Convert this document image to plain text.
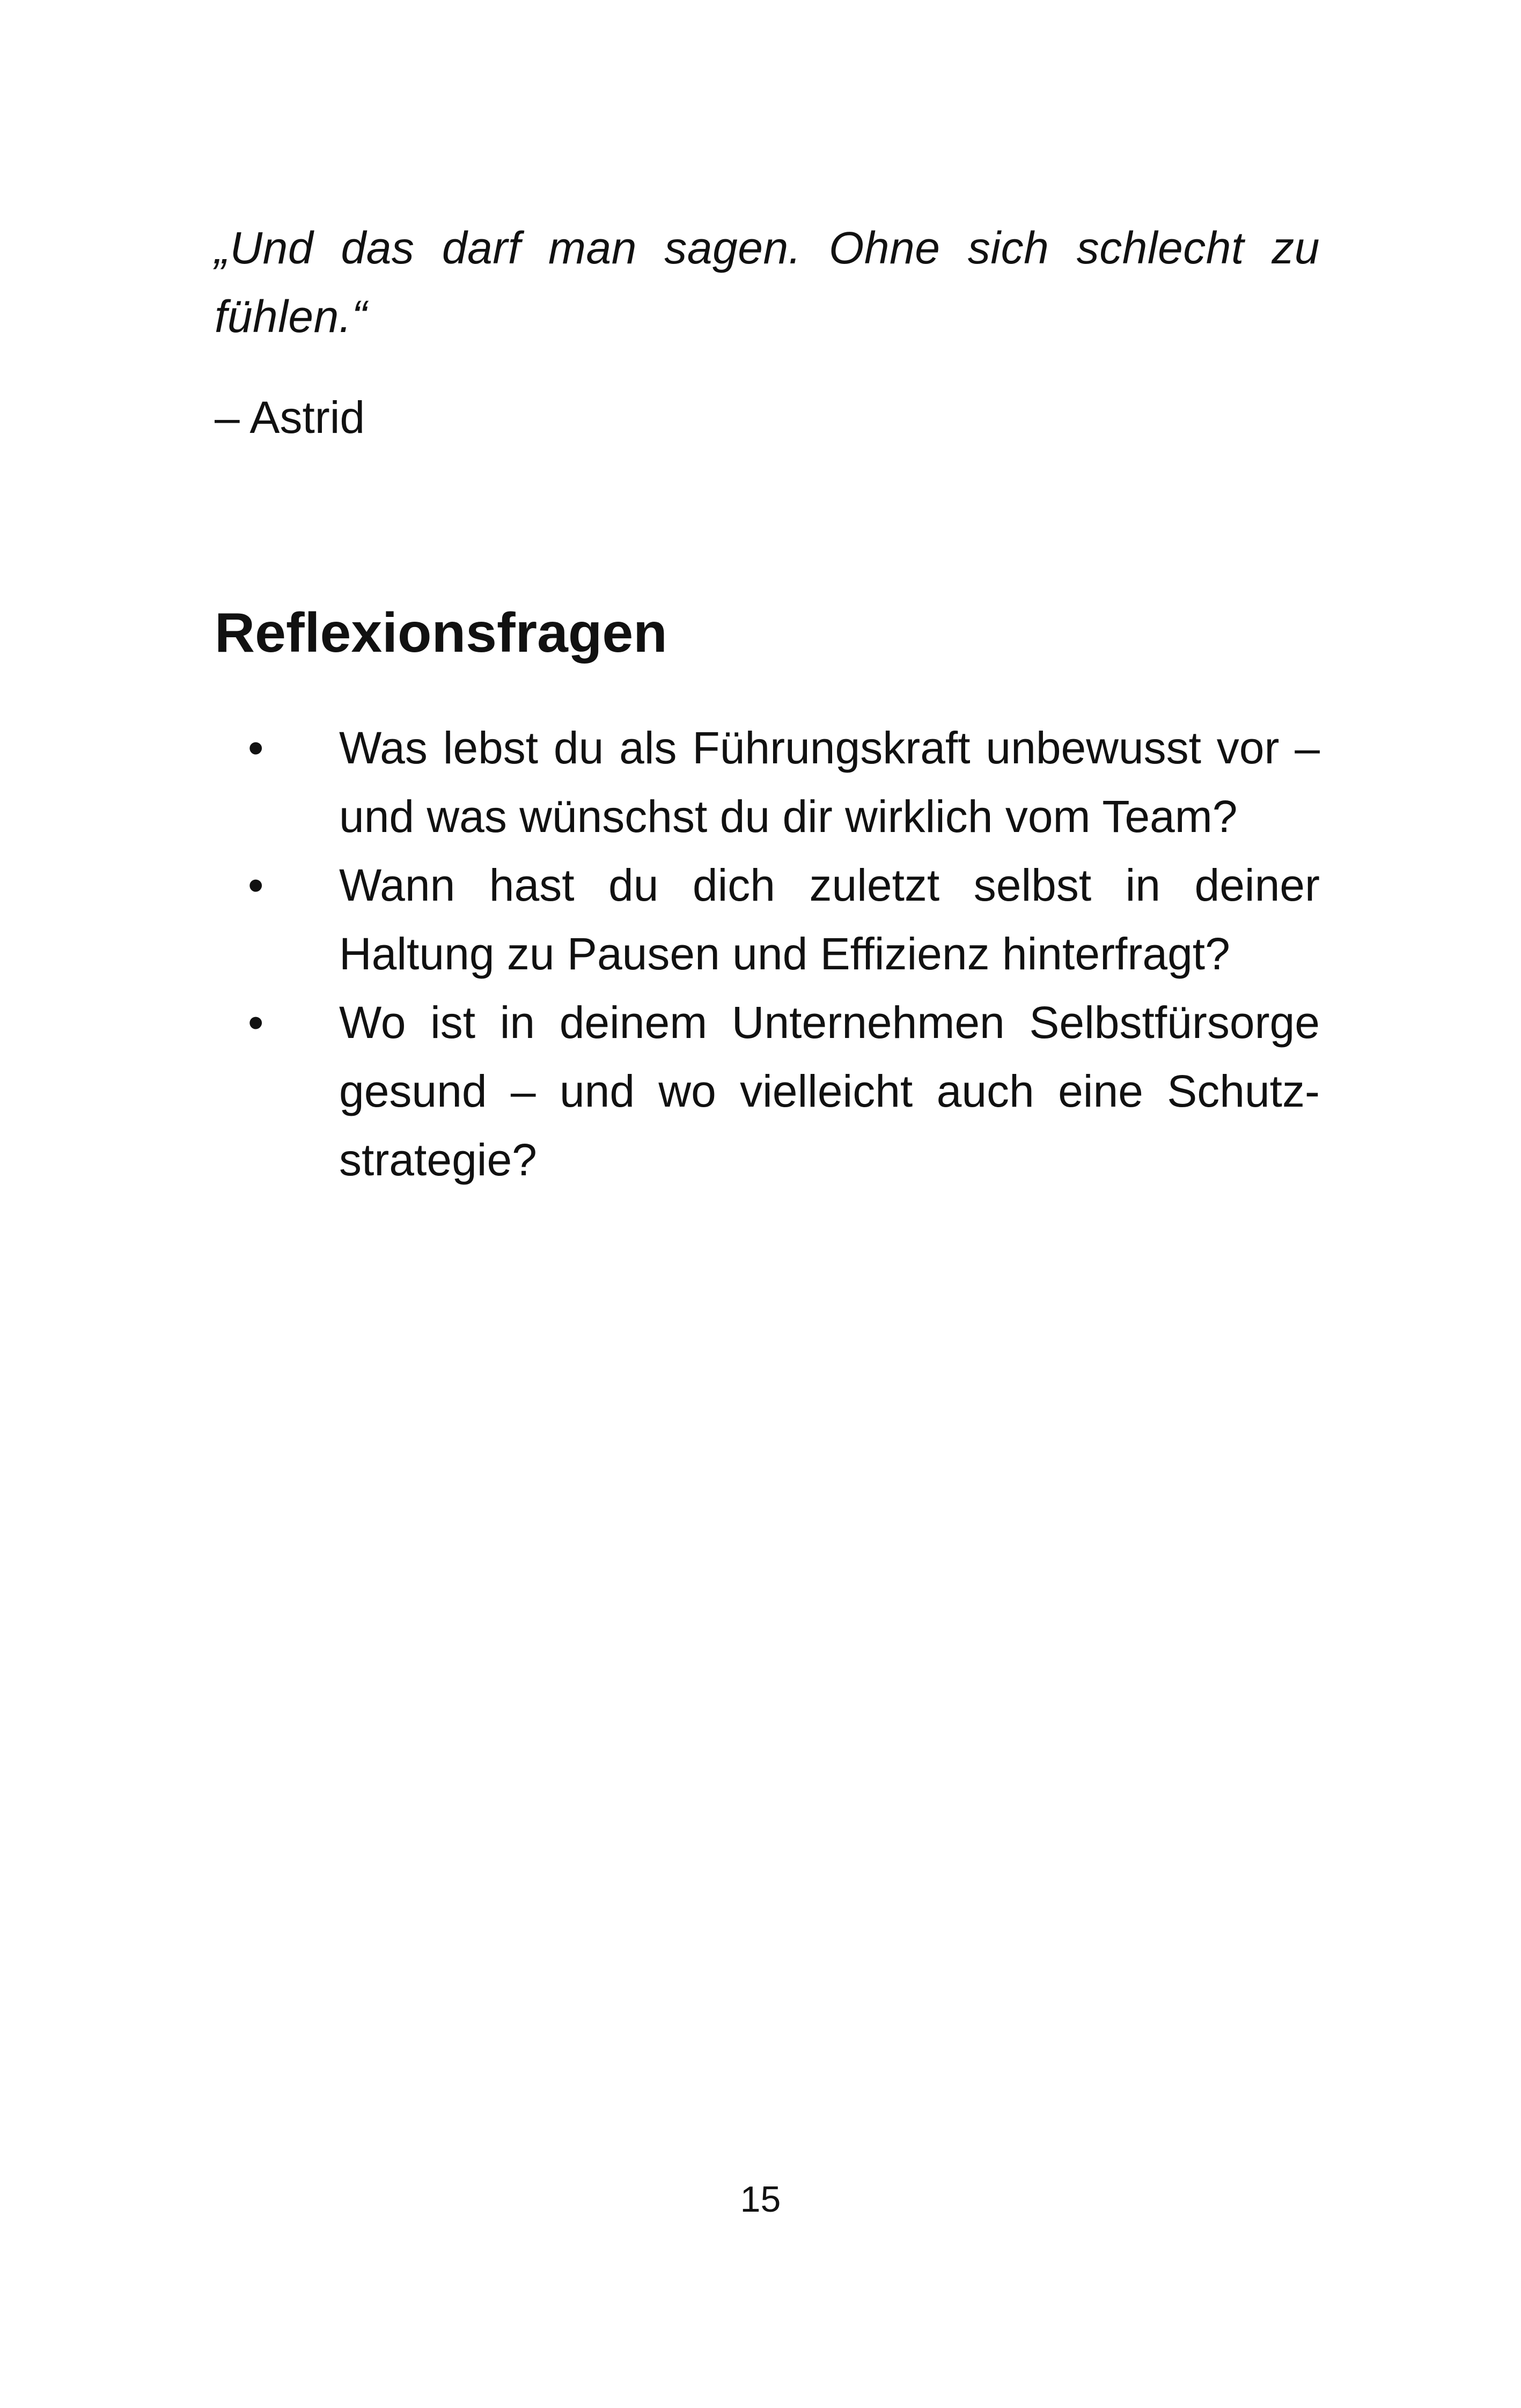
„Und das darf man sagen. Ohne sich schlecht zu fühlen.“

– Astrid

Reflexionsfragen
• Was lebst du als Führungskraft unbewusst vor – und was wünschst du dir wirklich vom Team?
• Wann hast du dich zuletzt selbst in deiner Haltung zu Pausen und Effizienz hinterfragt?
• Wo ist in deinem Unternehmen Selbstfürsorge gesund – und wo vielleicht auch eine Schutzstrategie?
15
